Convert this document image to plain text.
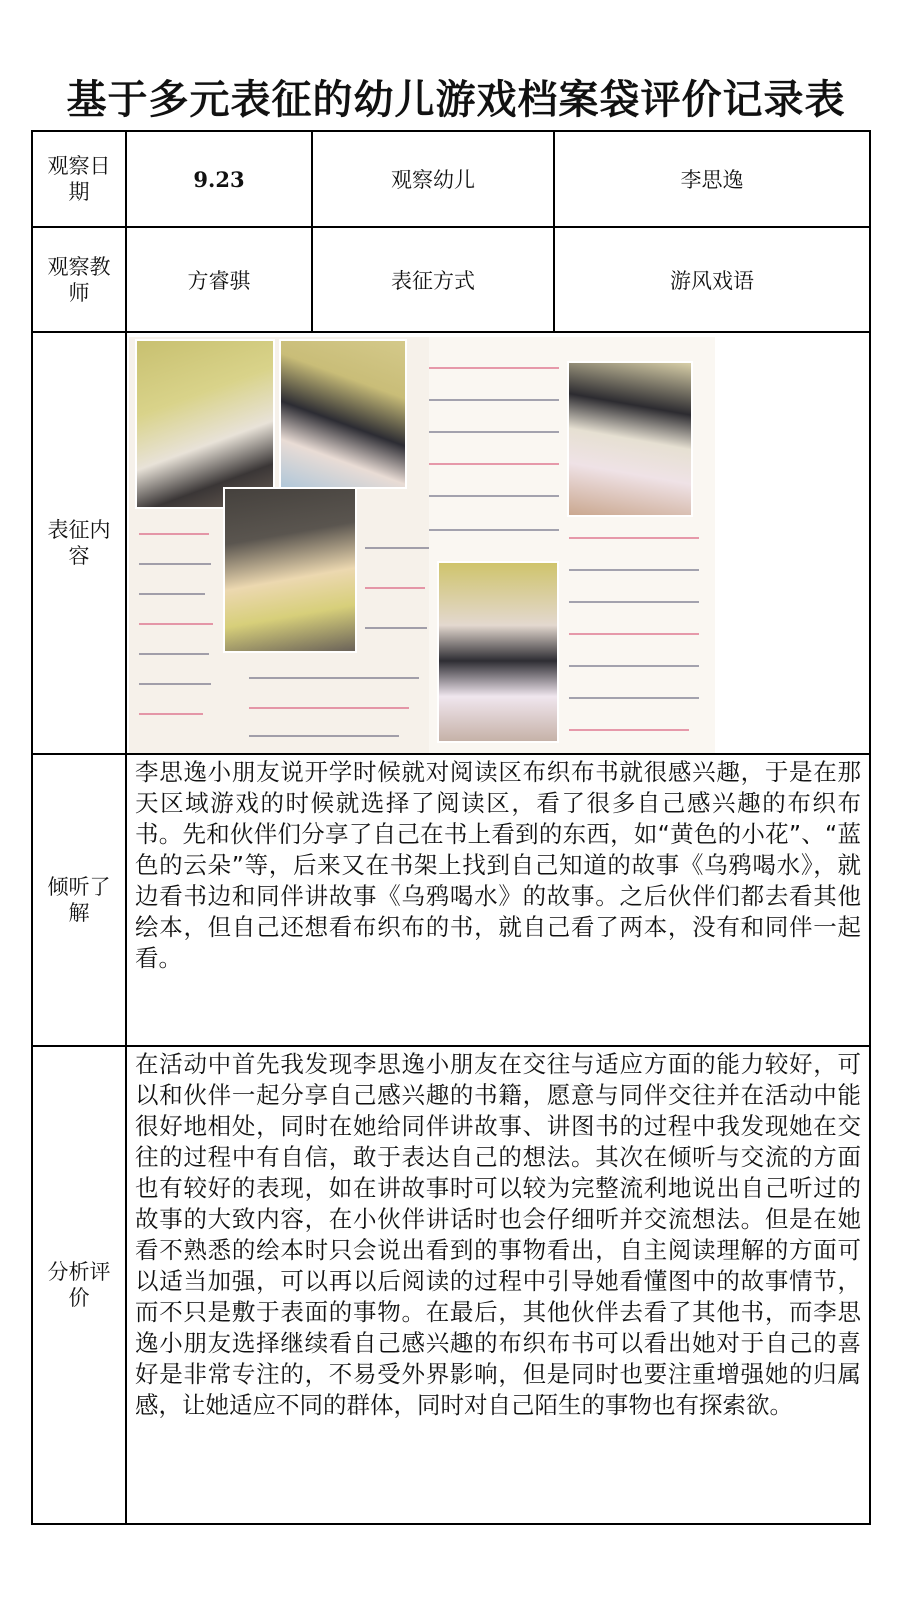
基于多元表征的幼儿游戏档案袋评价记录表
观察日期	9.23	观察幼儿	李思逸
观察教师	方睿骐	表征方式	游风戏语
表征内容			

倾听了解	李思逸小朋友说开学时候就对阅读区布织布书就很感兴趣，于是在那天区域游戏的时候就选择了阅读区，看了很多自己感兴趣的布织布书。先和伙伴们分享了自己在书上看到的东西，如“黄色的小花”、“蓝色的云朵”等，后来又在书架上找到自己知道的故事《乌鸦喝水》，就边看书边和同伴讲故事《乌鸦喝水》的故事。之后伙伴们都去看其他绘本，但自己还想看布织布的书，就自己看了两本，没有和同伴一起看。		
分析评价	在活动中首先我发现李思逸小朋友在交往与适应方面的能力较好，可以和伙伴一起分享自己感兴趣的书籍，愿意与同伴交往并在活动中能很好地相处，同时在她给同伴讲故事、讲图书的过程中我发现她在交往的过程中有自信，敢于表达自己的想法。其次在倾听与交流的方面也有较好的表现，如在讲故事时可以较为完整流利地说出自己听过的故事的大致内容，在小伙伴讲话时也会仔细听并交流想法。但是在她看不熟悉的绘本时只会说出看到的事物看出，自主阅读理解的方面可以适当加强，可以再以后阅读的过程中引导她看懂图中的故事情节，而不只是敷于表面的事物。在最后，其他伙伴去看了其他书，而李思逸小朋友选择继续看自己感兴趣的布织布书可以看出她对于自己的喜好是非常专注的，不易受外界影响，但是同时也要注重增强她的归属感，让她适应不同的群体，同时对自己陌生的事物也有探索欲。		
